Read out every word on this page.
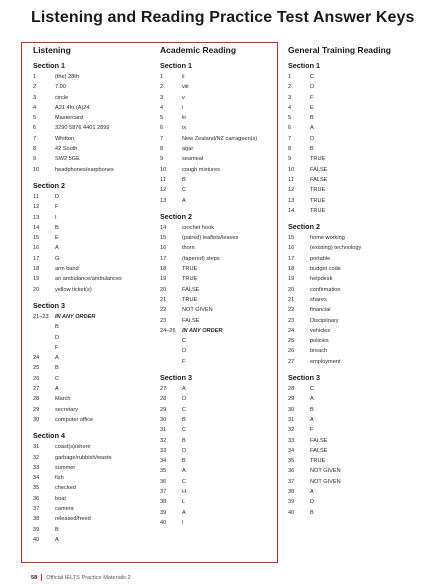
Listening and Reading Practice Test Answer Keys
Listening
Section 1
1	(the) 28th
2	7.00
3	circle
4	A21 4fo (A)24
5	Mastercard
6	3290 5876 4401 2899
7	Whitton
8	42 South
9	SW2 5GE
10	headphones/earphones
Section 2
11	D
12	F
13	I
14	B
15	E
16	A
17	G
18	arm band
19	an ambulance/ambulances
20	yellow ticket(s)
Section 3
21–23	IN ANY ORDER
B
D
F
24	A
25	B
26	C
27	A
28	March
29	secretary
30	computer office
Section 4
31	coast(s)/shore
32	garbage/rubbish/waste
33	summer
34	fish
35	checked
36	boat
37	camera
38	released/freed
39	B
40	A
Academic Reading
Section 1
1	ii
2	viii
3	v
4	i
5	iii
6	ix
7	New Zealand/NZ carrageen(s)
8	agar
9	seameal
10	cough mixtures
11	B
12	C
13	A
Section 2
14	crochet hook
15	(paired) leaflets/leaves
16	thorn
17	(tapered) steps
18	TRUE
19	TRUE
20	FALSE
21	TRUE
22	NOT GIVEN
23	FALSE
24–26	IN ANY ORDER
C
D
F
Section 3
27	A
28	D
29	C
30	B
31	C
32	B
33	D
34	B
35	A
36	C
37	H
38	L
39	A
40	I
General Training Reading
Section 1
1	C
2	D
3	F
4	E
5	B
6	A
7	D
8	B
9	TRUE
10	FALSE
11	FALSE
12	TRUE
13	TRUE
14	TRUE
Section 2
15	home working
16	(existing) technology
17	portable
18	budget code
19	helpdesk
20	confirmation
21	shares
22	financial
23	Disciplinary
24	vehicles
25	policies
26	breach
27	employment
Section 3
28	C
29	A
30	B
31	A
32	F
33	FALSE
34	FALSE
35	TRUE
36	NOT GIVEN
37	NOT GIVEN
38	A
39	D
40	B
58 Official IELTS Practice Materials 2
